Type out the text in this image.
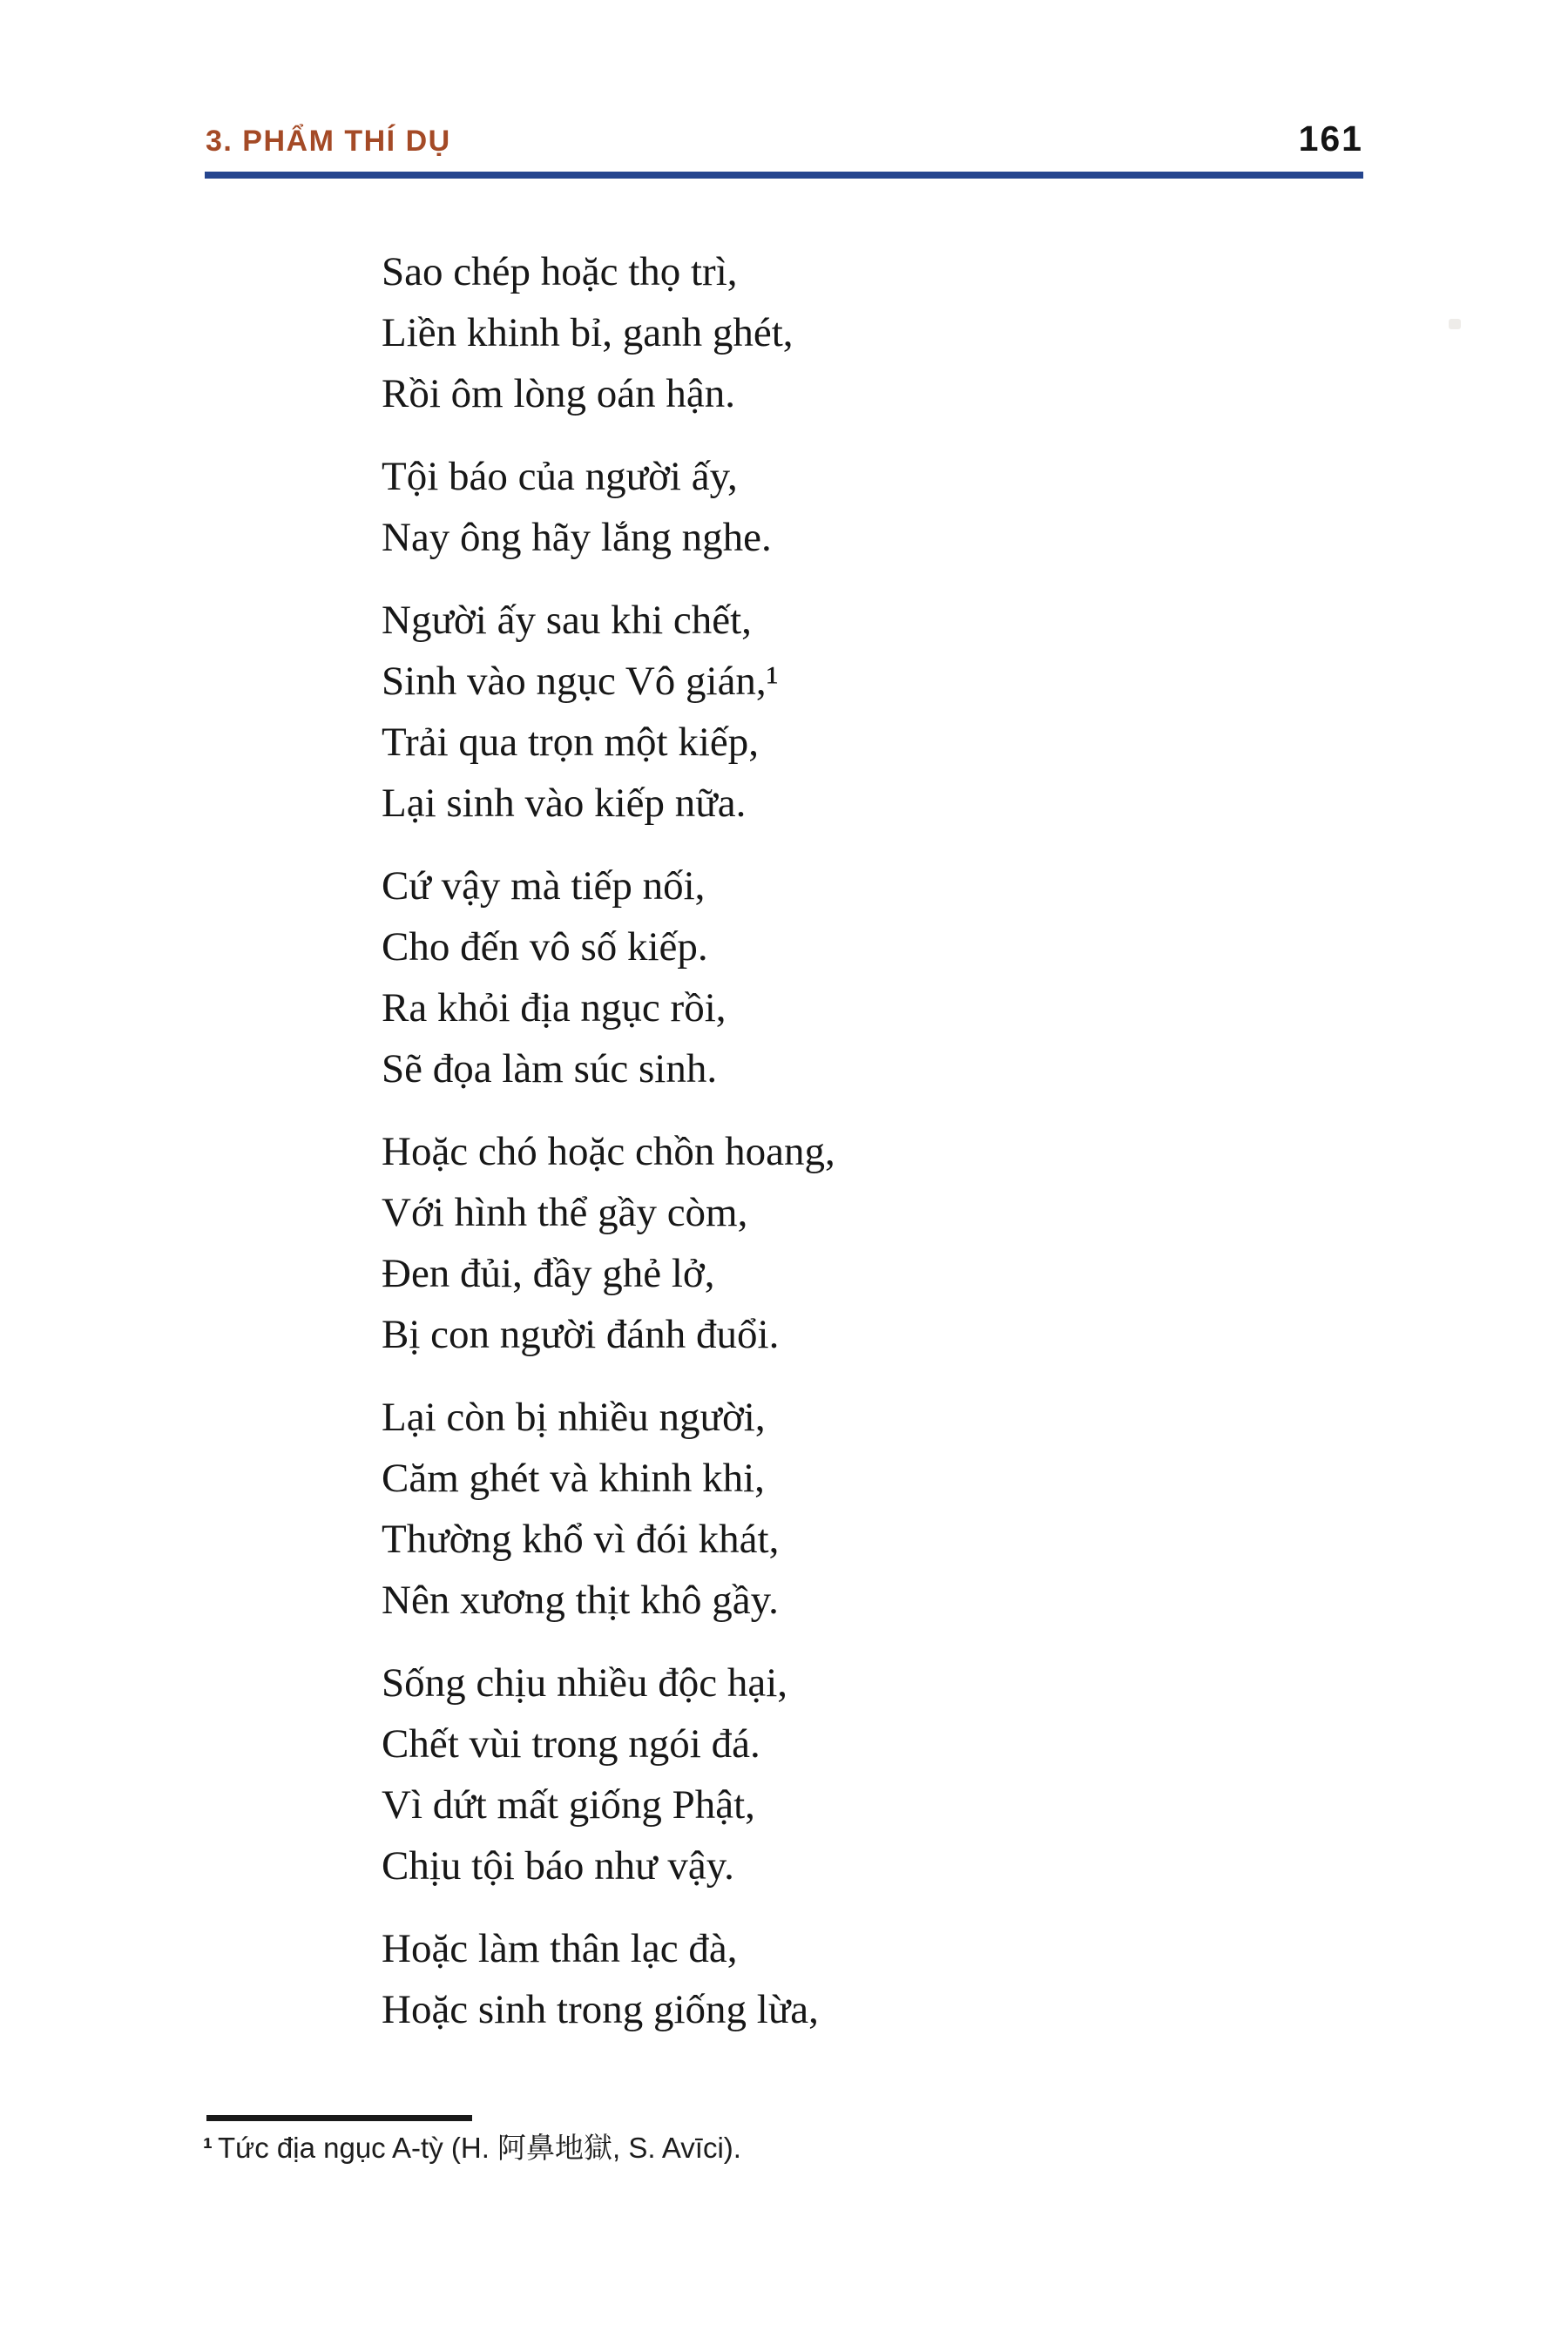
3. PHẨM THÍ DỤ	161

Sao chép hoặc thọ trì,
Liền khinh bỉ, ganh ghét,
Rồi ôm lòng oán hận.

Tội báo của người ấy,
Nay ông hãy lắng nghe.

Người ấy sau khi chết,
Sinh vào ngục Vô gián,¹
Trải qua trọn một kiếp,
Lại sinh vào kiếp nữa.

Cứ vậy mà tiếp nối,
Cho đến vô số kiếp.
Ra khỏi địa ngục rồi,
Sẽ đọa làm súc sinh.

Hoặc chó hoặc chồn hoang,
Với hình thể gầy còm,
Đen đủi, đầy ghẻ lở,
Bị con người đánh đuổi.

Lại còn bị nhiều người,
Căm ghét và khinh khi,
Thường khổ vì đói khát,
Nên xương thịt khô gầy.

Sống chịu nhiều độc hại,
Chết vùi trong ngói đá.
Vì dứt mất giống Phật,
Chịu tội báo như vậy.

Hoặc làm thân lạc đà,
Hoặc sinh trong giống lừa,

¹ Tức địa ngục A-tỳ (H. 阿鼻地獄, S. Avīci).
